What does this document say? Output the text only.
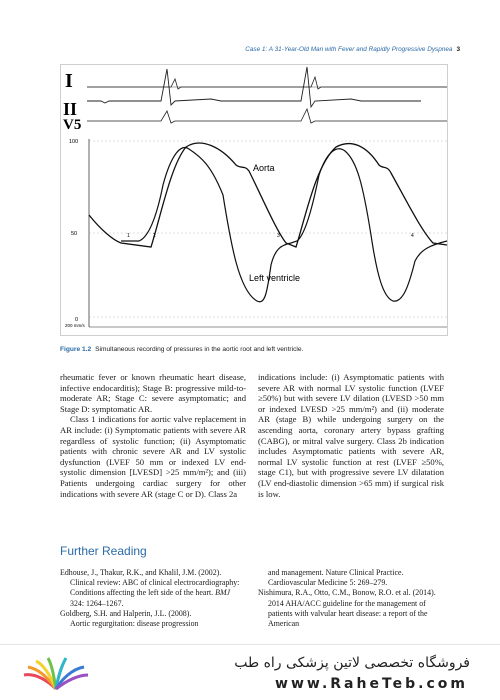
Case 1: A 31-Year-Old Man with Fever and Rapidly Progressive Dyspnea 3
I
II
V5
100
50
0
Aorta
Left ventricle
1	2	3	4
200 mm/s
Figure 1.2 Simultaneous recording of pressures in the aortic root and left ventricle.

rheumatic fever or known rheumatic heart disease, infective endocarditis); Stage B: progressive mild-to-moderate AR; Stage C: severe asymptomatic; and Stage D: symptomatic AR.

Class 1 indications for aortic valve replacement in AR include: (i) Symptomatic patients with severe AR regardless of systolic function; (ii) Asymptomatic patients with chronic severe AR and LV systolic dysfunction (LVEF 50 mm or indexed LV end-systolic dimension [LVESD] >25 mm/m²); and (iii) Patients undergoing cardiac surgery for other indications with severe AR (stage C or D). Class 2a

indications include: (i) Asymptomatic patients with severe AR with normal LV systolic function (LVEF ≥50%) but with severe LV dilation (LVESD >50 mm or indexed LVESD >25 mm/m²) and (ii) moderate AR (stage B) while undergoing surgery on the ascending aorta, coronary artery bypass grafting (CABG), or mitral valve surgery. Class 2b indication includes Asymptomatic patients with severe AR, normal LV systolic function at rest (LVEF ≥50%, stage C1), but with progressive severe LV dilatation (LV end-diastolic dimension >65 mm) if surgical risk is low.

Further Reading
Edhouse, J., Thakur, R.K., and Khalil, J.M. (2002). Clinical review: ABC of clinical electrocardiography: Conditions affecting the left side of the heart. BMJ 324: 1264–1267.
Goldberg, S.H. and Halperin, J.L. (2008).
Aortic regurgitation: disease progression
and management. Nature Clinical Practice. Cardiovascular Medicine 5: 269–279.
Nishimura, R.A., Otto, C.M., Bonow, R.O. et al. (2014). 2014 AHA/ACC guideline for the management of patients with valvular heart disease: a report of the American
فروشگاه تخصصی لاتین پزشکی راه طب
www.RaheTeb.com
